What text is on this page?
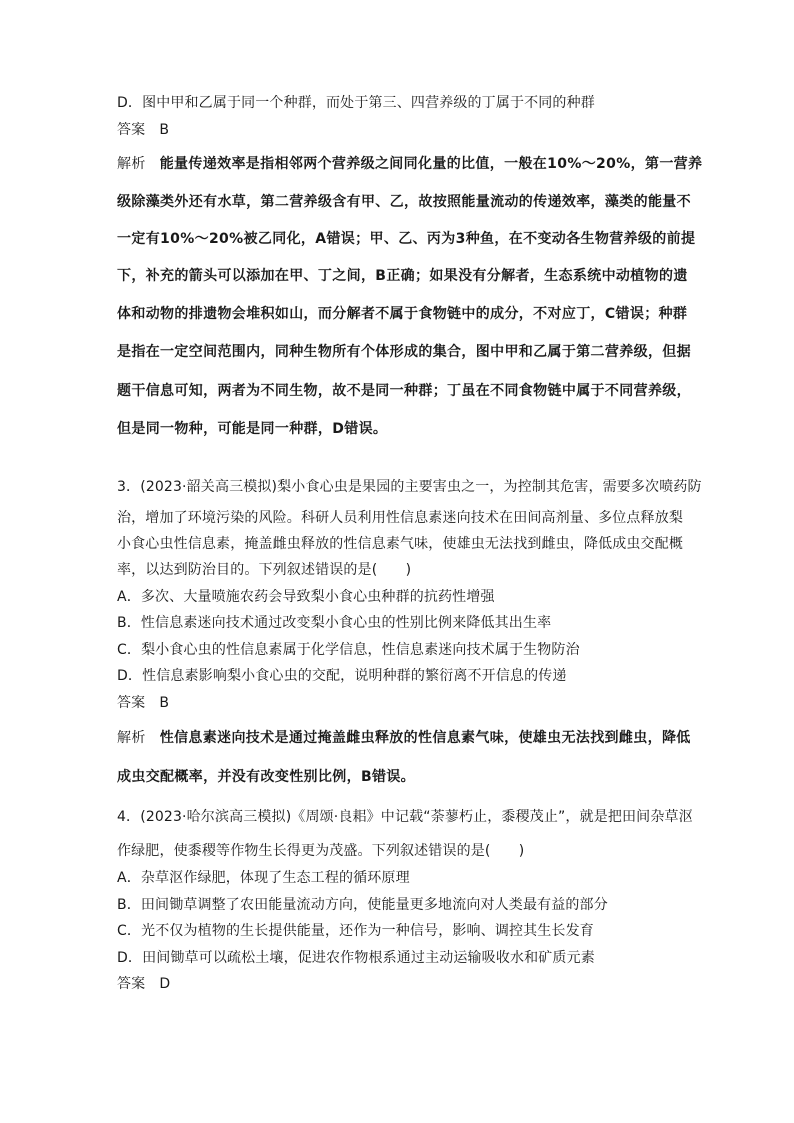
D．图中甲和乙属于同一个种群，而处于第三、四营养级的丁属于不同的种群
答案 B
解析 能量传递效率是指相邻两个营养级之间同化量的比值，一般在10%～20%，第一营养
级除藻类外还有水草，第二营养级含有甲、乙，故按照能量流动的传递效率，藻类的能量不
一定有10%～20%被乙同化，A错误；甲、乙、丙为3种鱼，在不变动各生物营养级的前提
下，补充的箭头可以添加在甲、丁之间，B正确；如果没有分解者，生态系统中动植物的遗
体和动物的排遗物会堆积如山，而分解者不属于食物链中的成分，不对应丁，C错误；种群
是指在一定空间范围内，同种生物所有个体形成的集合，图中甲和乙属于第二营养级，但据
题干信息可知，两者为不同生物，故不是同一种群；丁虽在不同食物链中属于不同营养级，
但是同一物种，可能是同一种群，D错误。
3．(2023·韶关高三模拟)梨小食心虫是果园的主要害虫之一，为控制其危害，需要多次喷药防
治，增加了环境污染的风险。科研人员利用性信息素迷向技术在田间高剂量、多位点释放梨
小食心虫性信息素，掩盖雌虫释放的性信息素气味，使雄虫无法找到雌虫，降低成虫交配概
率，以达到防治目的。下列叙述错误的是(　　)
A．多次、大量喷施农药会导致梨小食心虫种群的抗药性增强
B．性信息素迷向技术通过改变梨小食心虫的性别比例来降低其出生率
C．梨小食心虫的性信息素属于化学信息，性信息素迷向技术属于生物防治
D．性信息素影响梨小食心虫的交配，说明种群的繁衍离不开信息的传递
答案 B
解析 性信息素迷向技术是通过掩盖雌虫释放的性信息素气味，使雄虫无法找到雌虫，降低
成虫交配概率，并没有改变性别比例，B错误。
4．(2023·哈尔滨高三模拟)《周颂·良耜》中记载“荼蓼朽止，黍稷茂止”，就是把田间杂草沤
作绿肥，使黍稷等作物生长得更为茂盛。下列叙述错误的是(　　)
A．杂草沤作绿肥，体现了生态工程的循环原理
B．田间锄草调整了农田能量流动方向，使能量更多地流向对人类最有益的部分
C．光不仅为植物的生长提供能量，还作为一种信号，影响、调控其生长发育
D．田间锄草可以疏松土壤，促进农作物根系通过主动运输吸收水和矿质元素
答案 D
